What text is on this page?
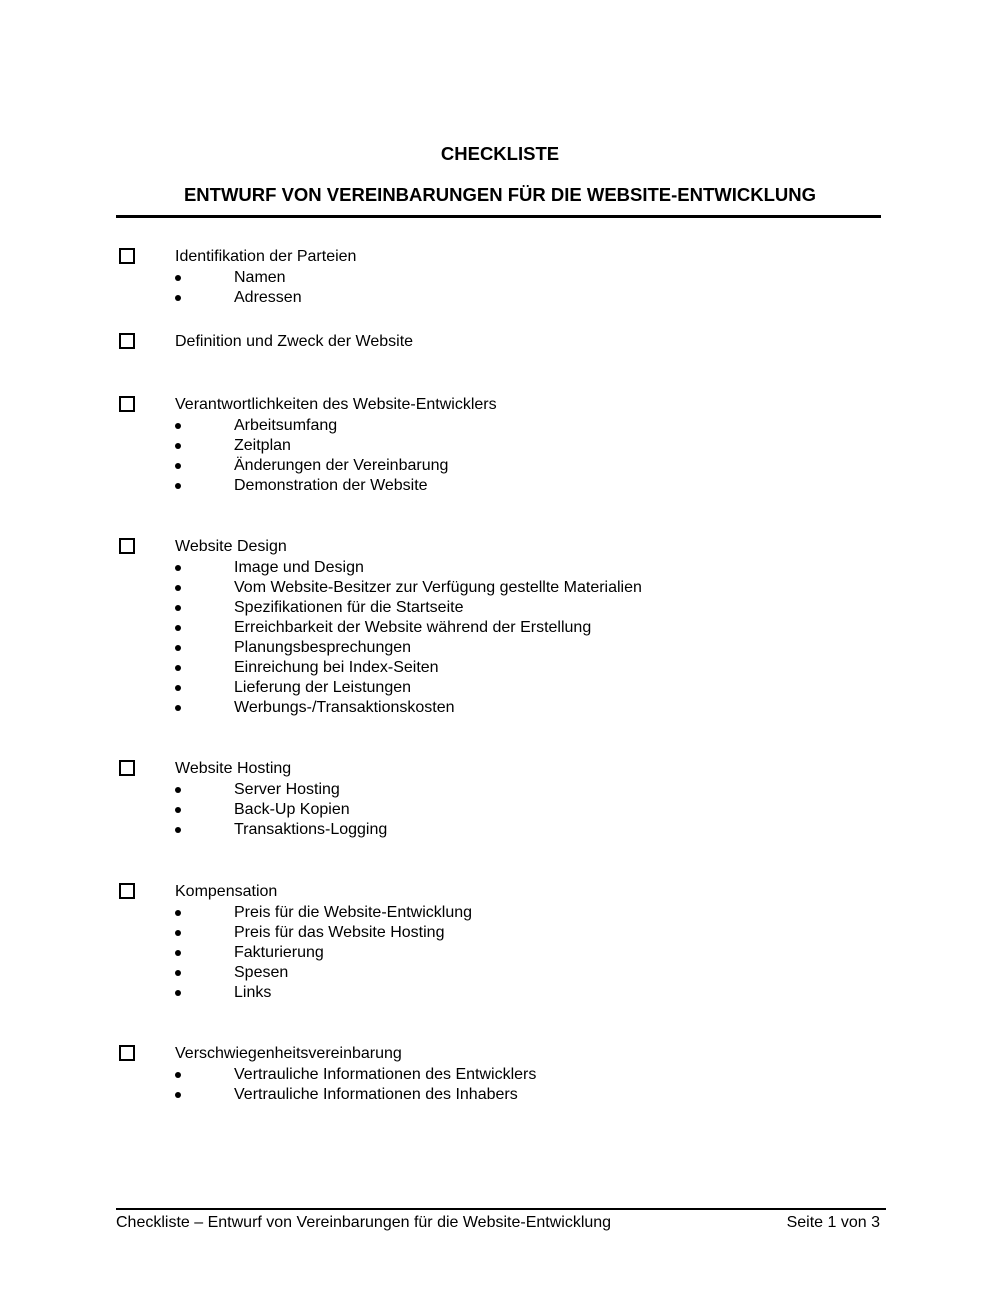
CHECKLISTE
ENTWURF VON VEREINBARUNGEN FÜR DIE WEBSITE-ENTWICKLUNG
Identifikation der Parteien
Namen
Adressen
Definition und Zweck der Website
Verantwortlichkeiten des Website-Entwicklers
Arbeitsumfang
Zeitplan
Änderungen der Vereinbarung
Demonstration der Website
Website Design
Image und Design
Vom Website-Besitzer zur Verfügung gestellte Materialien
Spezifikationen für die Startseite
Erreichbarkeit der Website während der Erstellung
Planungsbesprechungen
Einreichung bei Index-Seiten
Lieferung der Leistungen
Werbungs-/Transaktionskosten
Website Hosting
Server Hosting
Back-Up Kopien
Transaktions-Logging
Kompensation
Preis für die Website-Entwicklung
Preis für das Website Hosting
Fakturierung
Spesen
Links
Verschwiegenheitsvereinbarung
Vertrauliche Informationen des Entwicklers
Vertrauliche Informationen des Inhabers
Checkliste – Entwurf von Vereinbarungen für die Website-Entwicklung	Seite 1 von 3
